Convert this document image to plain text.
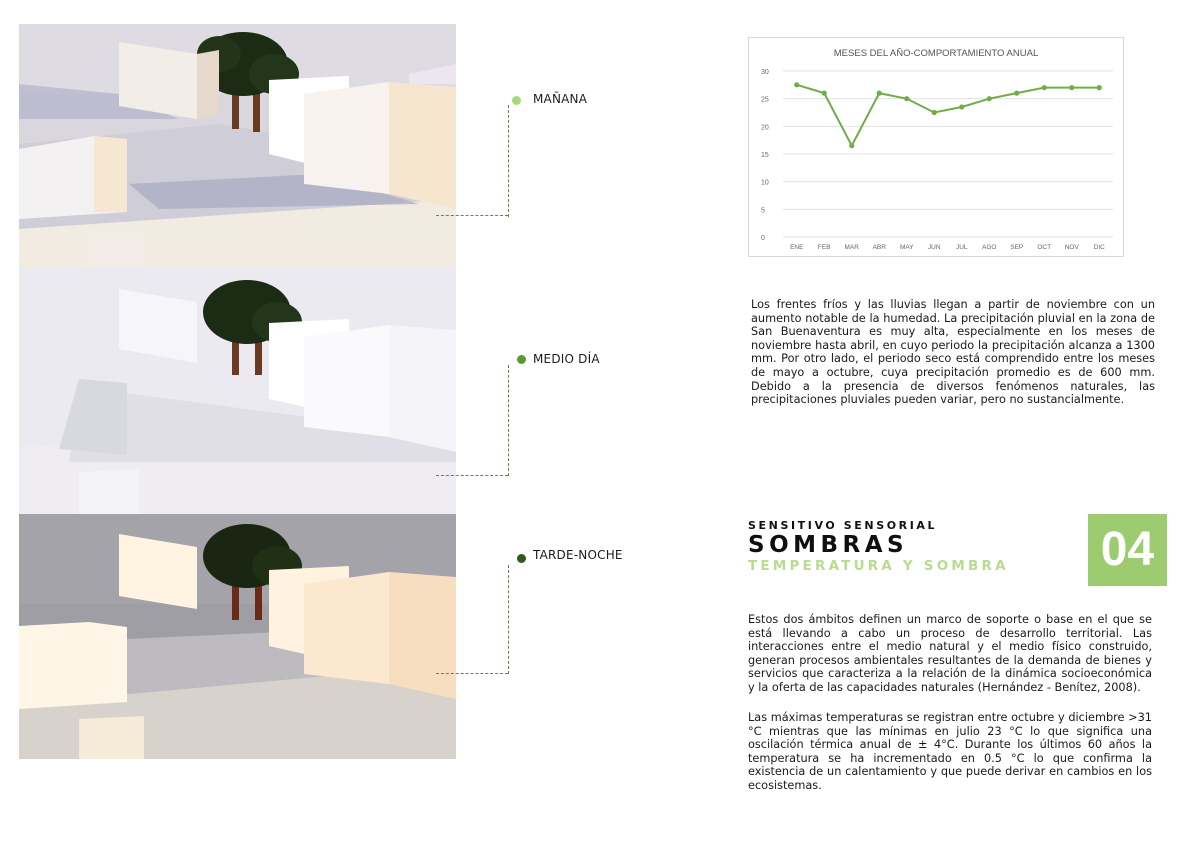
MAÑANA
MEDIO DÍA
TARDE-NOCHE
MESES DEL AÑO-COMPORTAMIENTO ANUAL
0
5
10
15
20
25
30
ENE FEB MAR ABR MAY JUN JUL AGO SEP OCT NOV DIC
Los frentes fríos y las lluvias llegan a partir de noviembre con un aumento notable de la humedad. La precipitación pluvial en la zona de San Buenaventura es muy alta, especialmente en los meses de noviembre hasta abril, en cuyo periodo la precipitación alcanza a 1300 mm. Por otro lado, el periodo seco está comprendido entre los meses de mayo a octubre, cuya precipitación promedio es de 600 mm. Debido a la presencia de diversos fenómenos naturales, las precipitaciones pluviales pueden variar, pero no sustancialmente.
SENSITIVO SENSORIAL
SOMBRAS
TEMPERATURA Y SOMBRA 04
Estos dos ámbitos definen un marco de soporte o base en el que se está llevando a cabo un proceso de desarrollo territorial. Las interacciones entre el medio natural y el medio físico construido, generan procesos ambientales resultantes de la demanda de bienes y servicios que caracteriza a la relación de la dinámica socioeconómica y la oferta de las capacidades naturales (Hernández - Benítez, 2008).
Las máximas temperaturas se registran entre octubre y diciembre >31 °C mientras que las mínimas en julio 23 °C lo que significa una oscilación térmica anual de ± 4°C. Durante los últimos 60 años la temperatura se ha incrementado en 0.5 °C lo que confirma la existencia de un calentamiento y que puede derivar en cambios en los ecosistemas.
